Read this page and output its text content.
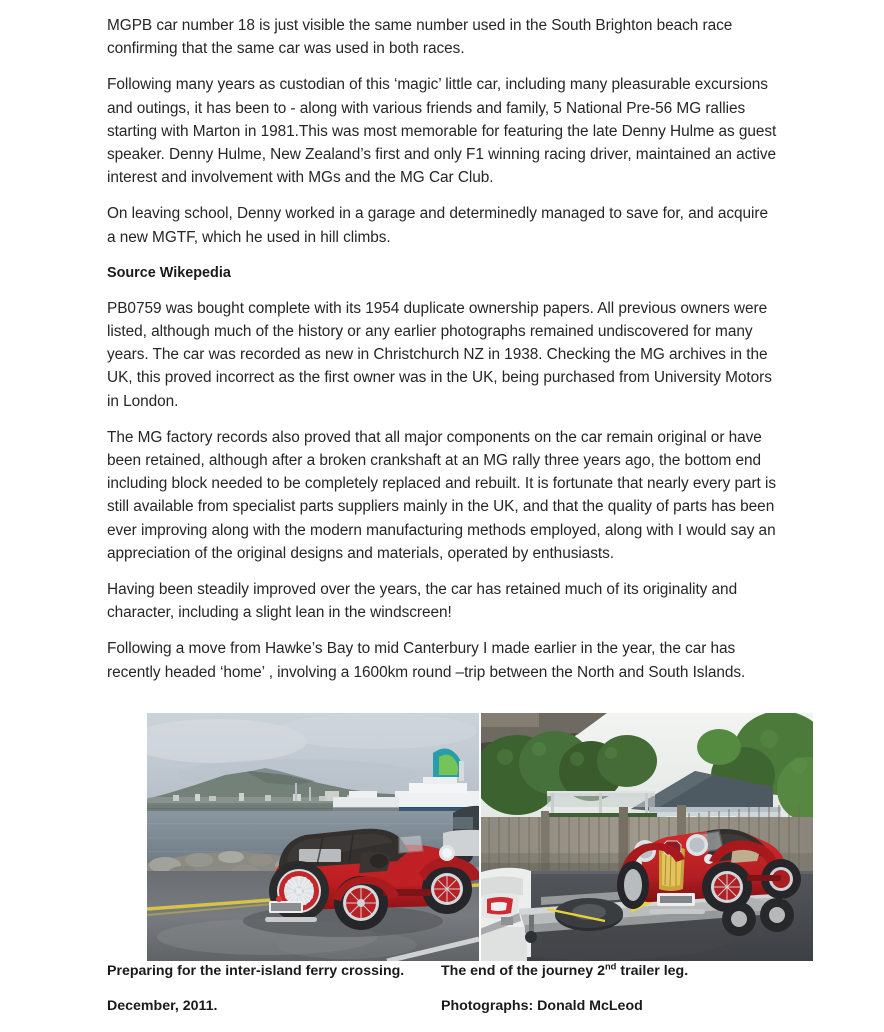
MGPB car number 18 is just visible the same number used in the South Brighton beach race confirming that the same car was used in both races.

Following many years as custodian of this ‘magic’ little car, including many pleasurable excursions and outings, it has been to - along with various friends and family, 5 National Pre-56 MG rallies starting with Marton in 1981.This was most memorable for featuring the late Denny Hulme as guest speaker. Denny Hulme, New Zealand’s first and only F1 winning racing driver, maintained an active interest and involvement with MGs and the MG Car Club.

On leaving school, Denny worked in a garage and determinedly managed to save for, and acquire a new MGTF, which he used in hill climbs.

Source Wikepedia

PB0759 was bought complete with its 1954 duplicate ownership papers. All previous owners were listed, although much of the history or any earlier photographs remained undiscovered for many years. The car was recorded as new in Christchurch NZ in 1938. Checking the MG archives in the UK, this proved incorrect as the first owner was in the UK, being purchased from University Motors in London.

The MG factory records also proved that all major components on the car remain original or have been retained, although after a broken crankshaft at an MG rally three years ago, the bottom end including block needed to be completely replaced and rebuilt. It is fortunate that nearly every part is still available from specialist parts suppliers mainly in the UK, and that the quality of parts has been ever improving along with the modern manufacturing methods employed, along with I would say an appreciation of the original designs and materials, operated by enthusiasts.

Having been steadily improved over the years, the car has retained much of its originality and character, including a slight lean in the windscreen!

Following a move from Hawke’s Bay to mid Canterbury I made earlier in the year, the car has recently headed ‘home’ , involving a 1600km round –trip between the North and South Islands.

Preparing for the inter-island ferry crossing.	The end of the journey 2nd trailer leg.
December, 2011.	Photographs: Donald McLeod
